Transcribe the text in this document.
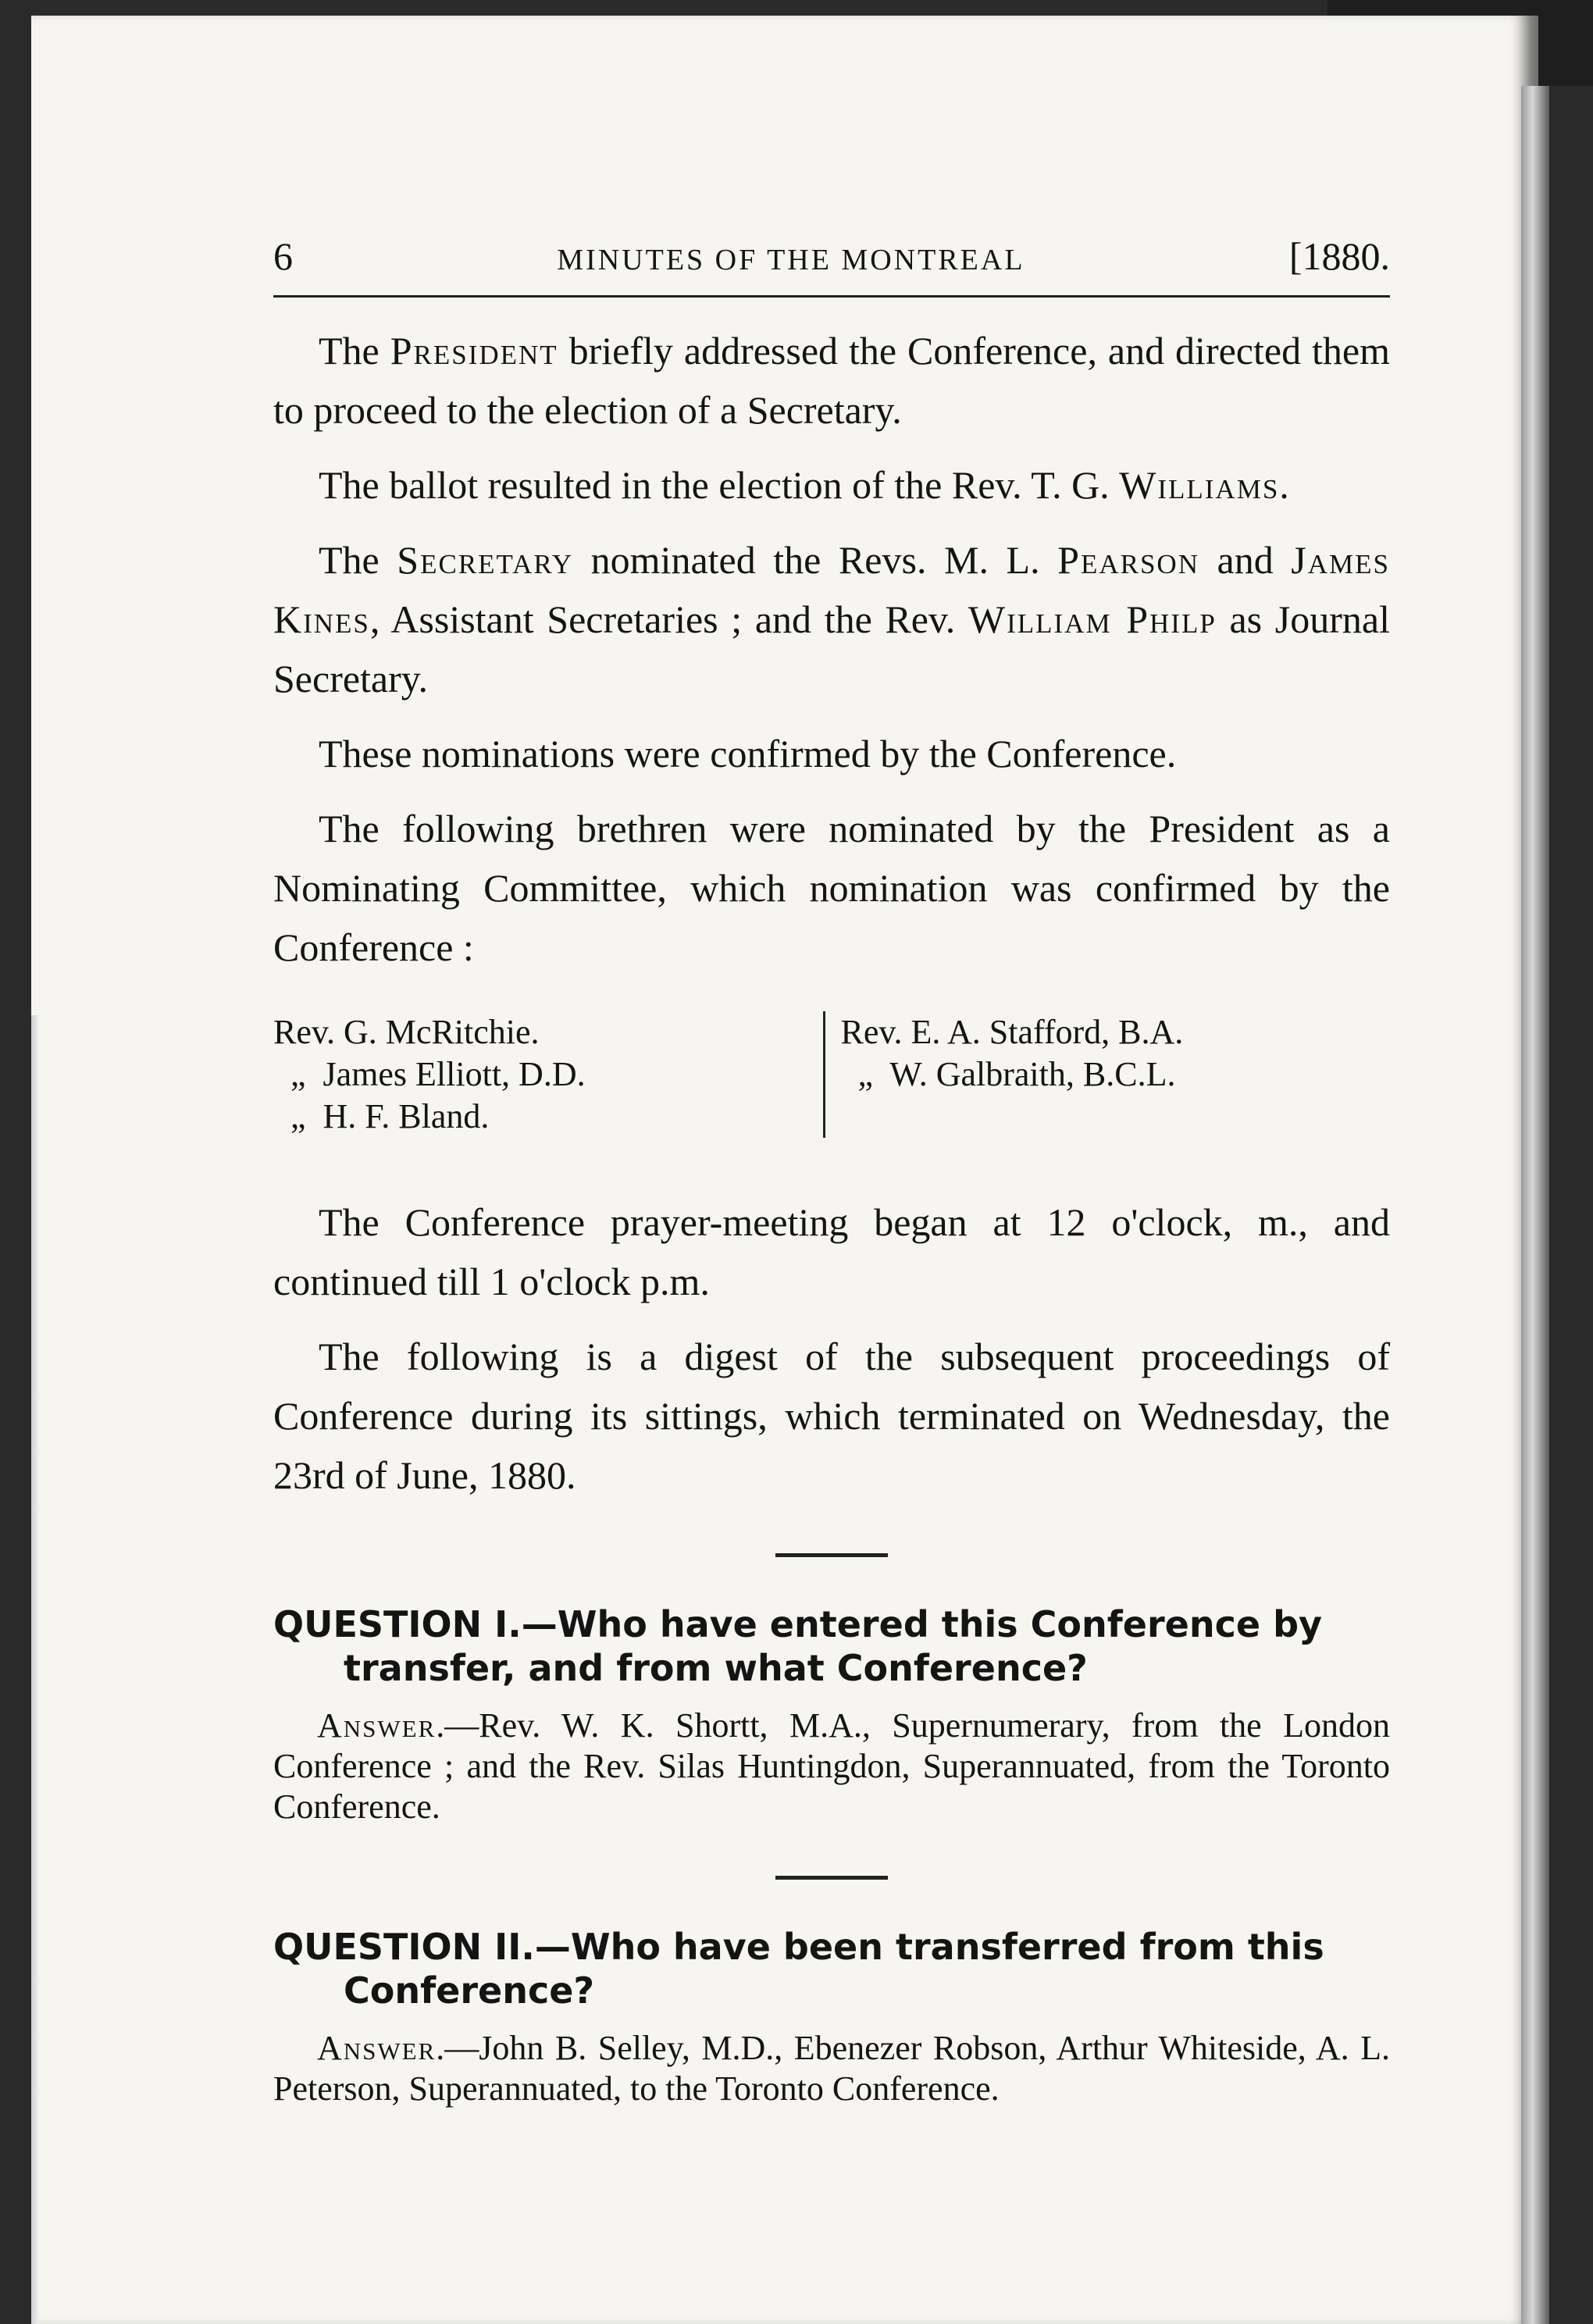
6	MINUTES OF THE MONTREAL	[1880.

The President briefly addressed the Conference, and directed them to proceed to the election of a Secretary.

The ballot resulted in the election of the Rev. T. G. Williams.

The Secretary nominated the Revs. M. L. Pearson and James Kines, Assistant Secretaries ; and the Rev. William Philp as Journal Secretary.

These nominations were confirmed by the Conference.

The following brethren were nominated by the President as a Nominating Committee, which nomination was confirmed by the Conference :

Rev. G. McRitchie.
„  James Elliott, D.D.
„  H. F. Bland.
Rev. E. A. Stafford, B.A.
„  W. Galbraith, B.C.L.

The Conference prayer-meeting began at 12 o'clock, m., and continued till 1 o'clock p.m.

The following is a digest of the subsequent proceedings of Conference during its sittings, which terminated on Wednesday, the 23rd of June, 1880.

QUESTION I.—Who have entered this Conference by transfer, and from what Conference?

Answer.—Rev. W. K. Shortt, M.A., Supernumerary, from the London Conference ; and the Rev. Silas Huntingdon, Superannuated, from the Toronto Conference.

QUESTION II.—Who have been transferred from this Conference?

Answer.—John B. Selley, M.D., Ebenezer Robson, Arthur Whiteside, A. L. Peterson, Superannuated, to the Toronto Conference.
